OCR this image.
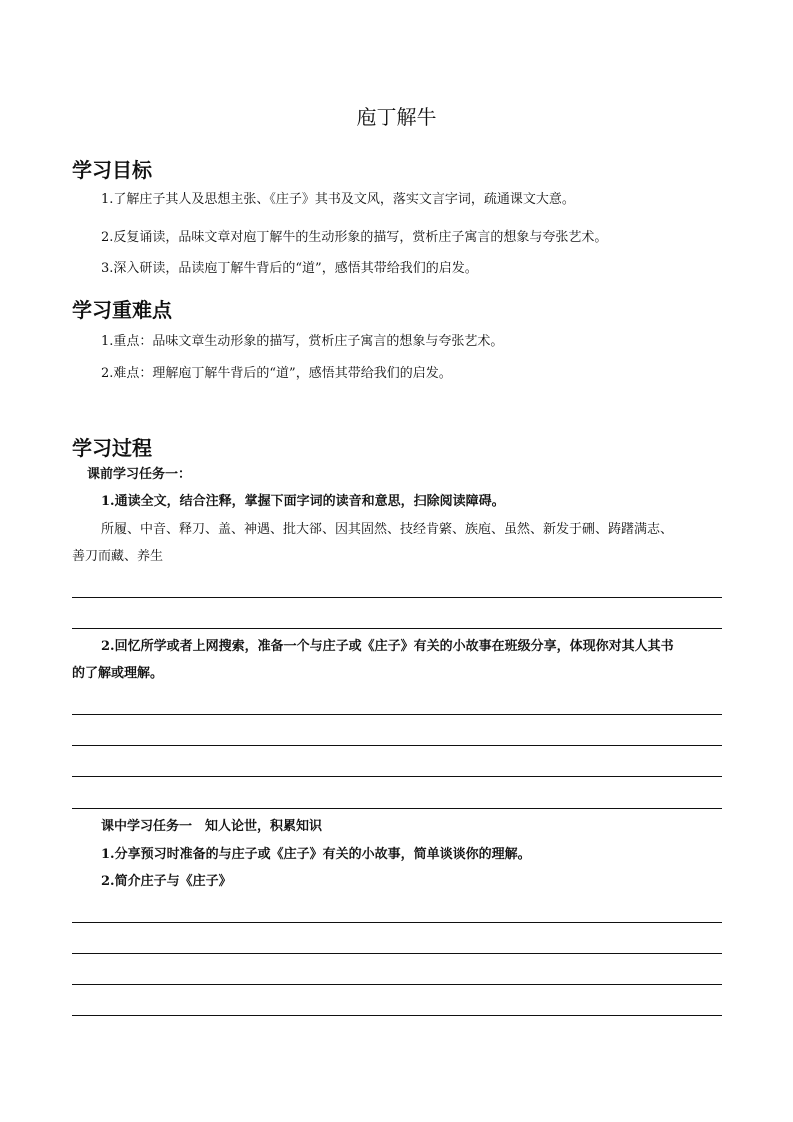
庖丁解牛
学习目标
1.了解庄子其人及思想主张、《庄子》其书及文风，落实文言字词，疏通课文大意。
2.反复诵读，品味文章对庖丁解牛的生动形象的描写，赏析庄子寓言的想象与夸张艺术。
3.深入研读，品读庖丁解牛背后的“道”，感悟其带给我们的启发。
学习重难点
1.重点：品味文章生动形象的描写，赏析庄子寓言的想象与夸张艺术。
2.难点：理解庖丁解牛背后的“道”，感悟其带给我们的启发。
学习过程
课前学习任务一：
1.通读全文，结合注释，掌握下面字词的读音和意思，扫除阅读障碍。
所履、中音、释刀、盖、神遇、批大郤、因其固然、技经肯綮、族庖、虽然、新发于硎、踌躇满志、
善刀而藏、养生
2.回忆所学或者上网搜索，准备一个与庄子或《庄子》有关的小故事在班级分享，体现你对其人其书
的了解或理解。
课中学习任务一　知人论世，积累知识
1.分享预习时准备的与庄子或《庄子》有关的小故事，简单谈谈你的理解。
2.简介庄子与《庄子》
